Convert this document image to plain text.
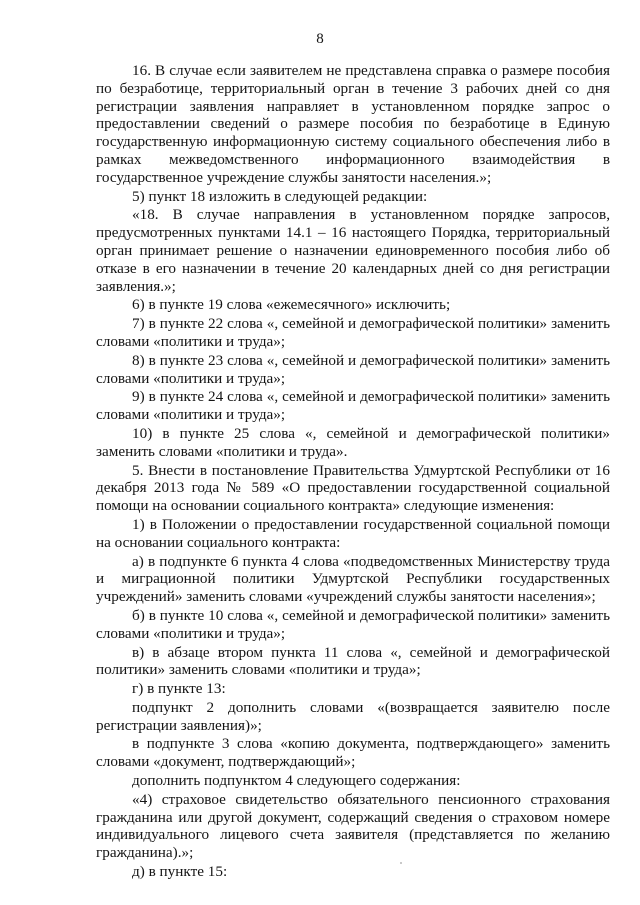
8

16. В случае если заявителем не представлена справка о размере пособия по безработице, территориальный орган в течение 3 рабочих дней со дня регистрации заявления направляет в установленном порядке запрос о предоставлении сведений о размере пособия по безработице в Единую государственную информационную систему социального обеспечения либо в рамках межведомственного информационного взаимодействия в государственное учреждение службы занятости населения.»;

5) пункт 18 изложить в следующей редакции:

«18. В случае направления в установленном порядке запросов, предусмотренных пунктами 14.1 – 16 настоящего Порядка, территориальный орган принимает решение о назначении единовременного пособия либо об отказе в его назначении в течение 20 календарных дней со дня регистрации заявления.»;

6) в пункте 19 слова «ежемесячного» исключить;

7) в пункте 22 слова «, семейной и демографической политики» заменить словами «политики и труда»;

8) в пункте 23 слова «, семейной и демографической политики» заменить словами «политики и труда»;

9) в пункте 24 слова «, семейной и демографической политики» заменить словами «политики и труда»;

10) в пункте 25 слова «, семейной и демографической политики» заменить словами «политики и труда».

5. Внести в постановление Правительства Удмуртской Республики от 16 декабря 2013 года № 589 «О предоставлении государственной социальной помощи на основании социального контракта» следующие изменения:

1) в Положении о предоставлении государственной социальной помощи на основании социального контракта:

а) в подпункте 6 пункта 4 слова «подведомственных Министерству труда и миграционной политики Удмуртской Республики государственных учреждений» заменить словами «учреждений службы занятости населения»;

б) в пункте 10 слова «, семейной и демографической политики» заменить словами «политики и труда»;

в) в абзаце втором пункта 11 слова «, семейной и демографической политики» заменить словами «политики и труда»;

г) в пункте 13:

подпункт 2 дополнить словами «(возвращается заявителю после регистрации заявления)»;

в подпункте 3 слова «копию документа, подтверждающего» заменить словами «документ, подтверждающий»;

дополнить подпунктом 4 следующего содержания:

«4) страховое свидетельство обязательного пенсионного страхования гражданина или другой документ, содержащий сведения о страховом номере индивидуального лицевого счета заявителя (представляется по желанию гражданина).»;

д) в пункте 15:
